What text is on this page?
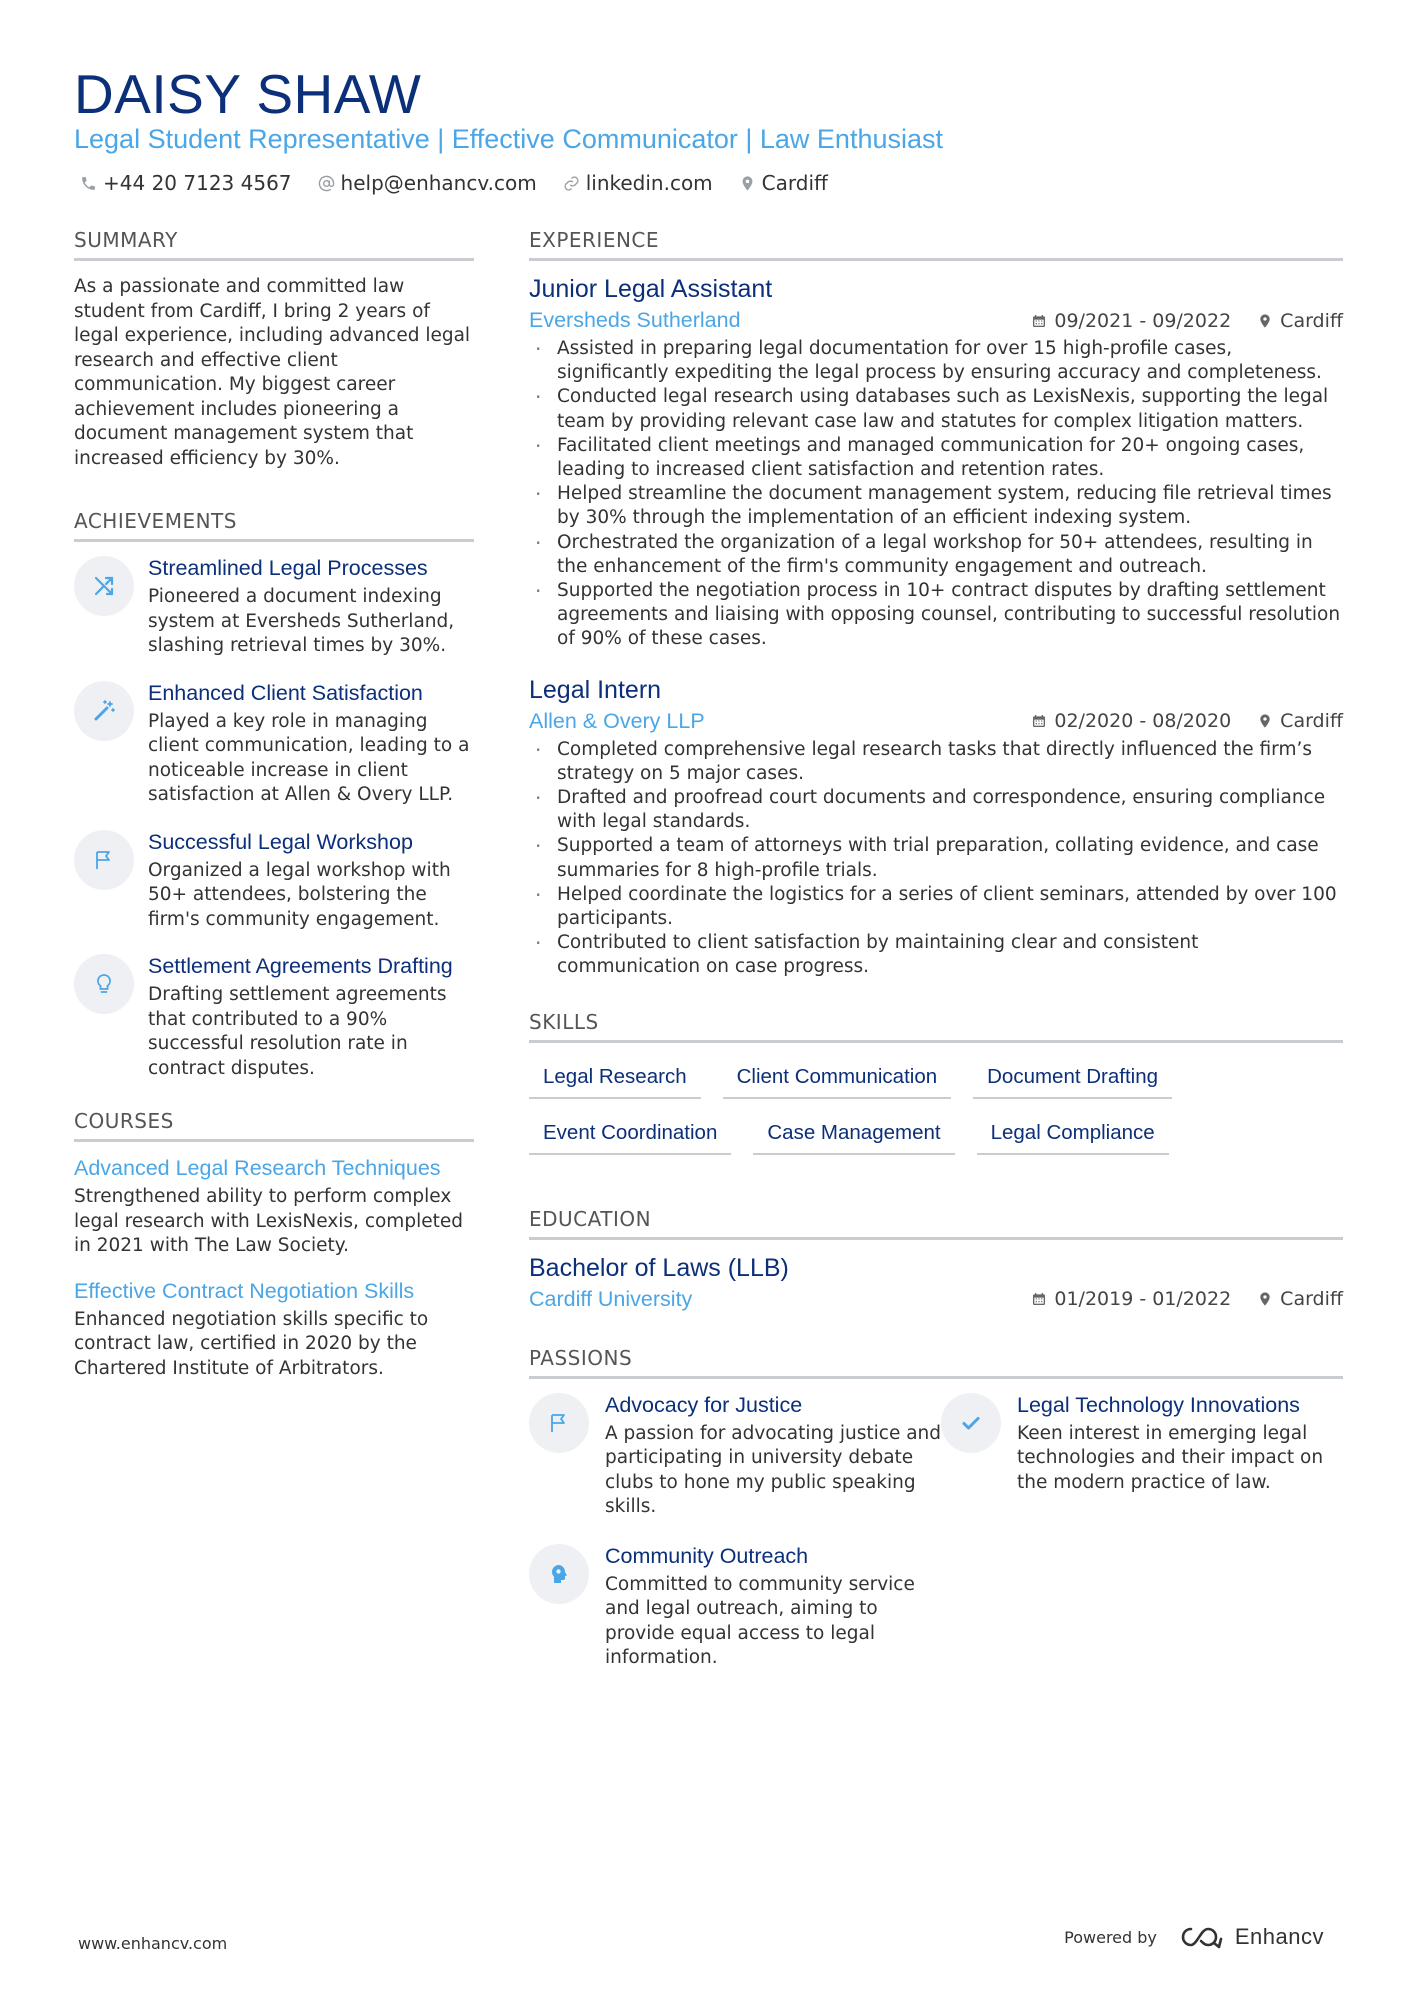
DAISY SHAW
Legal Student Representative | Effective Communicator | Law Enthusiast
+44 20 7123 4567 help@enhancv.com linkedin.com Cardiff
SUMMARY

As a passionate and committed law student from Cardiff, I bring 2 years of legal experience, including advanced legal research and effective client communication. My biggest career achievement includes pioneering a document management system that increased efficiency by 30%.

ACHIEVEMENTS
Streamlined Legal Processes
Pioneered a document indexing system at Eversheds Sutherland, slashing retrieval times by 30%.
Enhanced Client Satisfaction
Played a key role in managing client communication, leading to a noticeable increase in client satisfaction at Allen & Overy LLP.
Successful Legal Workshop
Organized a legal workshop with 50+ attendees, bolstering the firm's community engagement.
Settlement Agreements Drafting
Drafting settlement agreements that contributed to a 90% successful resolution rate in contract disputes.
COURSES
Advanced Legal Research Techniques
Strengthened ability to perform complex legal research with LexisNexis, completed in 2021 with The Law Society.
Effective Contract Negotiation Skills
Enhanced negotiation skills specific to contract law, certified in 2020 by the Chartered Institute of Arbitrators.
EXPERIENCE
Junior Legal Assistant
Eversheds Sutherland	09/2021 - 09/2022	Cardiff
· Assisted in preparing legal documentation for over 15 high-profile cases, significantly expediting the legal process by ensuring accuracy and completeness.
· Conducted legal research using databases such as LexisNexis, supporting the legal team by providing relevant case law and statutes for complex litigation matters.
· Facilitated client meetings and managed communication for 20+ ongoing cases, leading to increased client satisfaction and retention rates.
· Helped streamline the document management system, reducing file retrieval times by 30% through the implementation of an efficient indexing system.
· Orchestrated the organization of a legal workshop for 50+ attendees, resulting in the enhancement of the firm's community engagement and outreach.
· Supported the negotiation process in 10+ contract disputes by drafting settlement agreements and liaising with opposing counsel, contributing to successful resolution of 90% of these cases.
Legal Intern
Allen & Overy LLP	02/2020 - 08/2020	Cardiff
· Completed comprehensive legal research tasks that directly influenced the firm’s strategy on 5 major cases.
· Drafted and proofread court documents and correspondence, ensuring compliance with legal standards.
· Supported a team of attorneys with trial preparation, collating evidence, and case summaries for 8 high-profile trials.
· Helped coordinate the logistics for a series of client seminars, attended by over 100 participants.
· Contributed to client satisfaction by maintaining clear and consistent communication on case progress.
SKILLS
Legal Research	Client Communication	Document Drafting
Event Coordination	Case Management	Legal Compliance
EDUCATION
Bachelor of Laws (LLB)
Cardiff University	01/2019 - 01/2022	Cardiff
PASSIONS
Advocacy for Justice
A passion for advocating justice and participating in university debate clubs to hone my public speaking skills.
Legal Technology Innovations
Keen interest in emerging legal technologies and their impact on the modern practice of law.
Community Outreach
Committed to community service and legal outreach, aiming to provide equal access to legal information.
www.enhancv.com	Powered by	Enhancv
